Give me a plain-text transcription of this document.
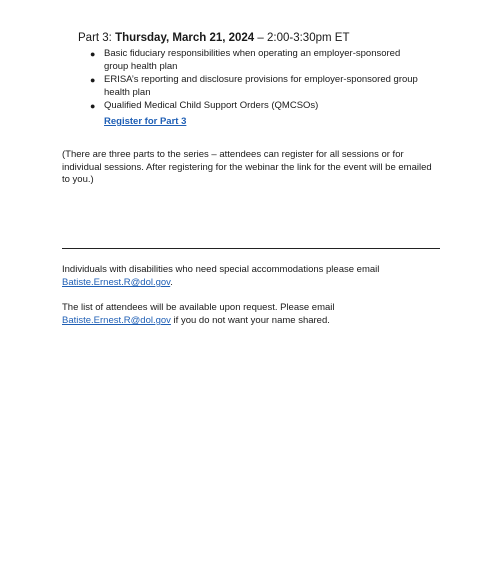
Part 3: Thursday, March 21, 2024 – 2:00-3:30pm ET
● Basic fiduciary responsibilities when operating an employer-sponsored group health plan
● ERISA’s reporting and disclosure provisions for employer-sponsored group health plan
● Qualified Medical Child Support Orders (QMCSOs)
Register for Part 3

(There are three parts to the series – attendees can register for all sessions or for individual sessions. After registering for the webinar the link for the event will be emailed to you.)

Individuals with disabilities who need special accommodations please email Batiste.Ernest.R@dol.gov.

The list of attendees will be available upon request. Please email Batiste.Ernest.R@dol.gov if you do not want your name shared.
